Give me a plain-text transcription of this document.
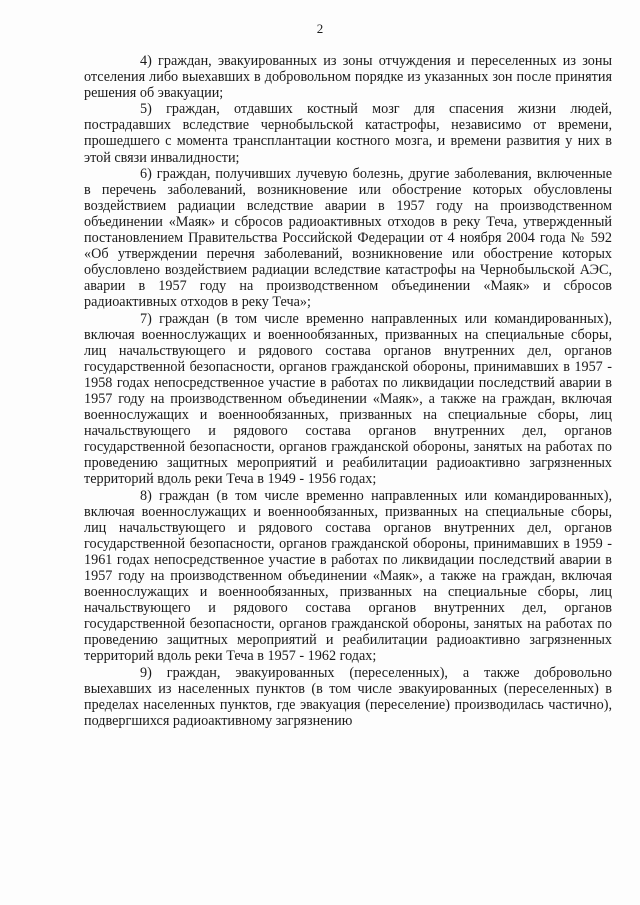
2

4) граждан, эвакуированных из зоны отчуждения и переселенных из зоны отселения либо выехавших в добровольном порядке из указанных зон после принятия решения об эвакуации;

5) граждан, отдавших костный мозг для спасения жизни людей, пострадавших вследствие чернобыльской катастрофы, независимо от времени, прошедшего с момента трансплантации костного мозга, и времени развития у них в этой связи инвалидности;

6) граждан, получивших лучевую болезнь, другие заболевания, включенные в перечень заболеваний, возникновение или обострение которых обусловлены воздействием радиации вследствие аварии в 1957 году на производственном объединении «Маяк» и сбросов радиоактивных отходов в реку Теча, утвержденный постановлением Правительства Российской Федерации от 4 ноября 2004 года № 592 «Об утверждении перечня заболеваний, возникновение или обострение которых обусловлено воздействием радиации вследствие катастрофы на Чернобыльской АЭС, аварии в 1957 году на производственном объединении «Маяк» и сбросов радиоактивных отходов в реку Теча»;

7) граждан (в том числе временно направленных или командированных), включая военнослужащих и военнообязанных, призванных на специальные сборы, лиц начальствующего и рядового состава органов внутренних дел, органов государственной безопасности, органов гражданской обороны, принимавших в 1957 - 1958 годах непосредственное участие в работах по ликвидации последствий аварии в 1957 году на производственном объединении «Маяк», а также на граждан, включая военнослужащих и военнообязанных, призванных на специальные сборы, лиц начальствующего и рядового состава органов внутренних дел, органов государственной безопасности, органов гражданской обороны, занятых на работах по проведению защитных мероприятий и реабилитации радиоактивно загрязненных территорий вдоль реки Теча в 1949 - 1956 годах;

8) граждан (в том числе временно направленных или командированных), включая военнослужащих и военнообязанных, призванных на специальные сборы, лиц начальствующего и рядового состава органов внутренних дел, органов государственной безопасности, органов гражданской обороны, принимавших в 1959 - 1961 годах непосредственное участие в работах по ликвидации последствий аварии в 1957 году на производственном объединении «Маяк», а также на граждан, включая военнослужащих и военнообязанных, призванных на специальные сборы, лиц начальствующего и рядового состава органов внутренних дел, органов государственной безопасности, органов гражданской обороны, занятых на работах по проведению защитных мероприятий и реабилитации радиоактивно загрязненных территорий вдоль реки Теча в 1957 - 1962 годах;

9) граждан, эвакуированных (переселенных), а также добровольно выехавших из населенных пунктов (в том числе эвакуированных (переселенных) в пределах населенных пунктов, где эвакуация (переселение) производилась частично), подвергшихся радиоактивному загрязнению
